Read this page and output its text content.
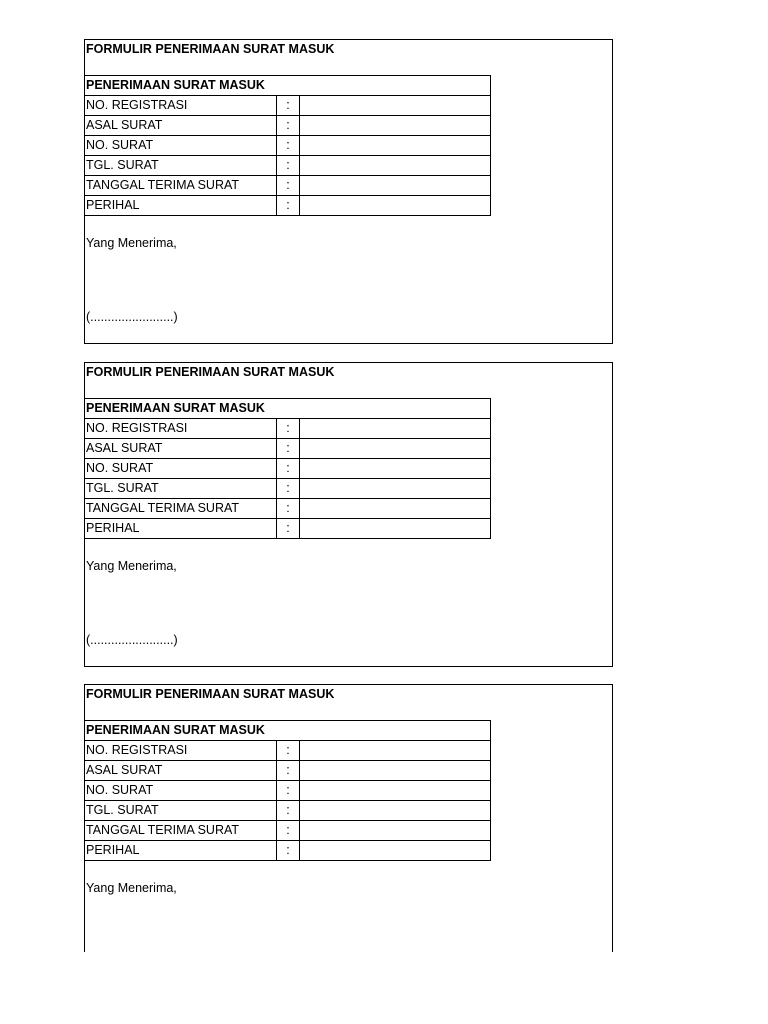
FORMULIR PENERIMAAN SURAT MASUK
PENERIMAAN SURAT MASUK		
NO. REGISTRASI	:	
ASAL SURAT	:	
NO. SURAT	:	
TGL. SURAT	:	
TANGGAL TERIMA SURAT	:	
PERIHAL	:	
Yang Menerima,
(........................)
FORMULIR PENERIMAAN SURAT MASUK
PENERIMAAN SURAT MASUK		
NO. REGISTRASI	:	
ASAL SURAT	:	
NO. SURAT	:	
TGL. SURAT	:	
TANGGAL TERIMA SURAT	:	
PERIHAL	:	
Yang Menerima,
(........................)
FORMULIR PENERIMAAN SURAT MASUK
PENERIMAAN SURAT MASUK		
NO. REGISTRASI	:	
ASAL SURAT	:	
NO. SURAT	:	
TGL. SURAT	:	
TANGGAL TERIMA SURAT	:	
PERIHAL	:	
Yang Menerima,
